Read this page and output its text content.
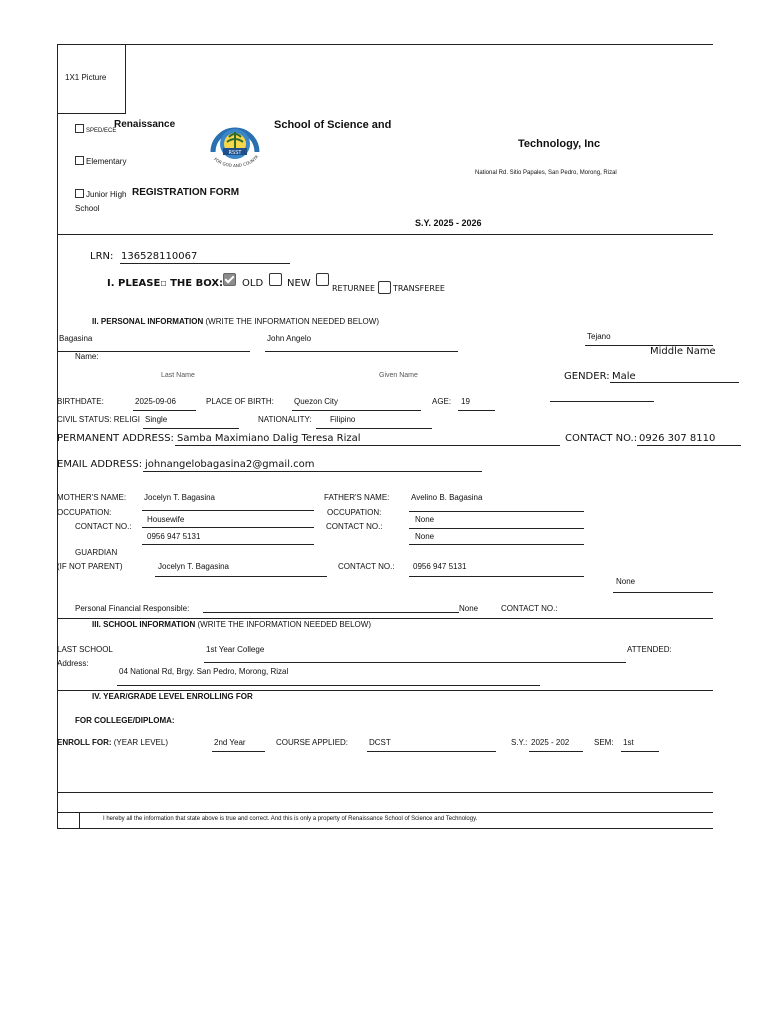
1X1 Picture
SPED/ECE
Renaissance
RSST
FOR GOD AND COUNTR
School of Science and
Technology, Inc
Elementary
National Rd. Sitio Papales, San Pedro, Morong, Rizal
Junior High REGISTRATION FORM
School
S.Y. 2025 - 2026
LRN: 136528110067
I. PLEASE☐ THE BOX: OLD NEW	RETURNEE TRANSFEREE
II. PERSONAL INFORMATION (WRITE THE INFORMATION NEEDED BELOW)
Bagasina	John Angelo	Tejano
Middle Name
Name:
Last Name	Given Name	GENDER: Male
BIRTHDATE:	2025-09-06	PLACE OF BIRTH:	Quezon City	AGE: 19
CIVIL STATUS: RELIGI Single	NATIONALITY: Filipino
PERMANENT ADDRESS: Samba Maximiano Dalig Teresa Rizal	CONTACT NO.: 0926 307 8110
EMAIL ADDRESS: johnangelobagasina2@gmail.com
MOTHER'S NAME: Jocelyn T. Bagasina
OCCUPATION:
Housewife
CONTACT NO.:
0956 947 5131
FATHER'S NAME:	Avelino B. Bagasina
OCCUPATION:
None
CONTACT NO.:
None
GUARDIAN
(IF NOT PARENT)	Jocelyn T. Bagasina	CONTACT NO.: 0956 947 5131
None
Personal Financial Responsible:	None	CONTACT NO.:
III. SCHOOL INFORMATION (WRITE THE INFORMATION NEEDED BELOW)
LAST SCHOOL	1st Year College	ATTENDED:
Address:
04 National Rd, Brgy. San Pedro, Morong, Rizal
IV. YEAR/GRADE LEVEL ENROLLING FOR
FOR COLLEGE/DIPLOMA:
ENROLL FOR: (YEAR LEVEL)	2nd Year	COURSE APPLIED:	DCST	S.Y.: 2025 - 202	SEM: 1st
I hereby all the information that state above is true and correct. And this is only a property of Renaissance School of Science and Technology.
